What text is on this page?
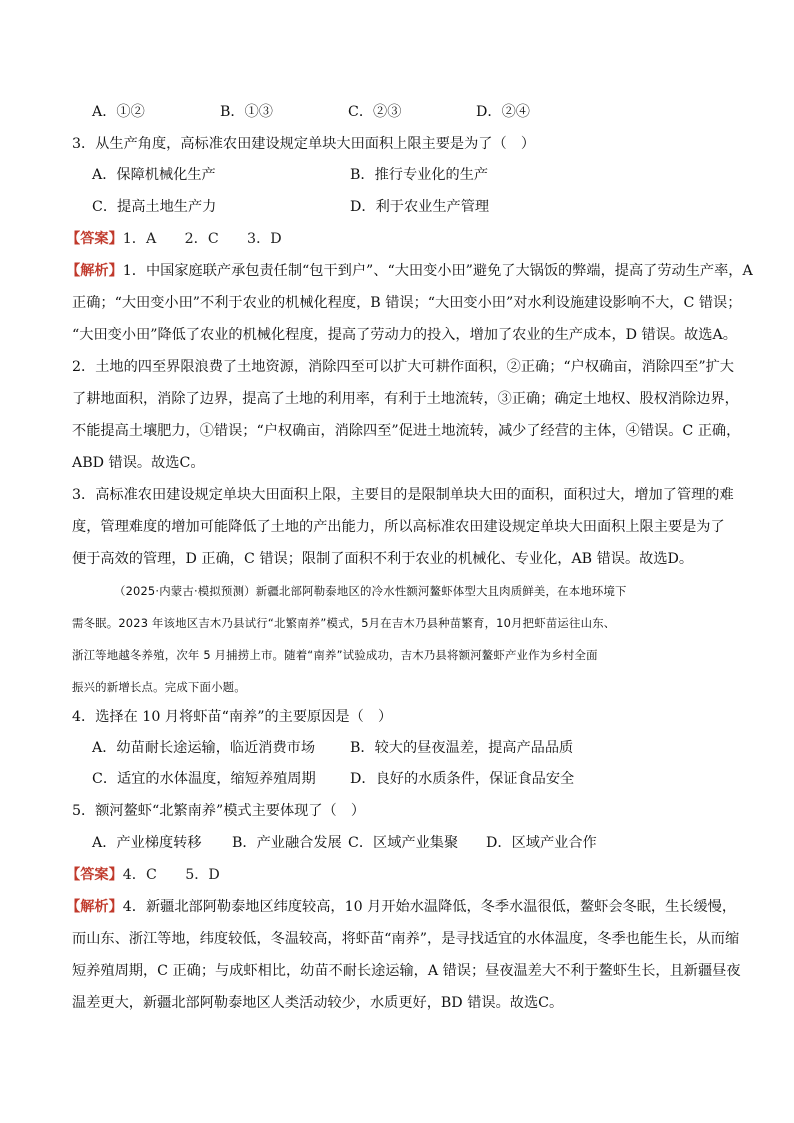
A．①②	B．①③	C．②③	D．②④
3．从生产角度，高标准农田建设规定单块大田面积上限主要是为了（　）
A．保障机械化生产	B．推行专业化的生产
C．提高土地生产力	D．利于农业生产管理
【答案】1．A　　2．C　　3．D
【解析】1．中国家庭联产承包责任制“包干到户”、“大田变小田”避免了大锅饭的弊端，提高了劳动生产率，A
正确；“大田变小田”不利于农业的机械化程度，B 错误；“大田变小田”对水利设施建设影响不大，C 错误；
“大田变小田”降低了农业的机械化程度，提高了劳动力的投入，增加了农业的生产成本，D 错误。故选A。
2．土地的四至界限浪费了土地资源，消除四至可以扩大可耕作面积，②正确；“户权确亩，消除四至”扩大
了耕地面积，消除了边界，提高了土地的利用率，有利于土地流转，③正确；确定土地权、股权消除边界，
不能提高土壤肥力，①错误；“户权确亩，消除四至”促进土地流转，减少了经营的主体，④错误。C 正确，
ABD 错误。故选C。
3．高标准农田建设规定单块大田面积上限，主要目的是限制单块大田的面积，面积过大，增加了管理的难
度，管理难度的增加可能降低了土地的产出能力，所以高标准农田建设规定单块大田面积上限主要是为了
便于高效的管理，D 正确，C 错误；限制了面积不利于农业的机械化、专业化，AB 错误。故选D。
（2025·内蒙古·模拟预测）新疆北部阿勒泰地区的冷水性额河鳌虾体型大且肉质鲜美，在本地环境下
需冬眠。2023 年该地区吉木乃县试行“北繁南养”模式，5月在吉木乃县种苗繁育，10月把虾苗运往山东、
浙江等地越冬养殖，次年 5 月捕捞上市。随着“南养”试验成功，吉木乃县将额河鳌虾产业作为乡村全面
振兴的新增长点。完成下面小题。
4．选择在 10 月将虾苗“南养”的主要原因是（　）
A．幼苗耐长途运输，临近消费市场 B．较大的昼夜温差，提高产品品质
C．适宜的水体温度，缩短养殖周期 D．良好的水质条件，保证食品安全
5．额河鳌虾“北繁南养”模式主要体现了（　）
A．产业梯度转移 B．产业融合发展 C．区域产业集聚 D．区域产业合作
【答案】4．C　　5．D
【解析】4．新疆北部阿勒泰地区纬度较高，10 月开始水温降低，冬季水温很低，鳌虾会冬眠，生长缓慢，
而山东、浙江等地，纬度较低，冬温较高，将虾苗“南养”，是寻找适宜的水体温度，冬季也能生长，从而缩
短养殖周期，C 正确；与成虾相比，幼苗不耐长途运输，A 错误；昼夜温差大不利于鳌虾生长，且新疆昼夜
温差更大，新疆北部阿勒泰地区人类活动较少，水质更好，BD 错误。故选C。
